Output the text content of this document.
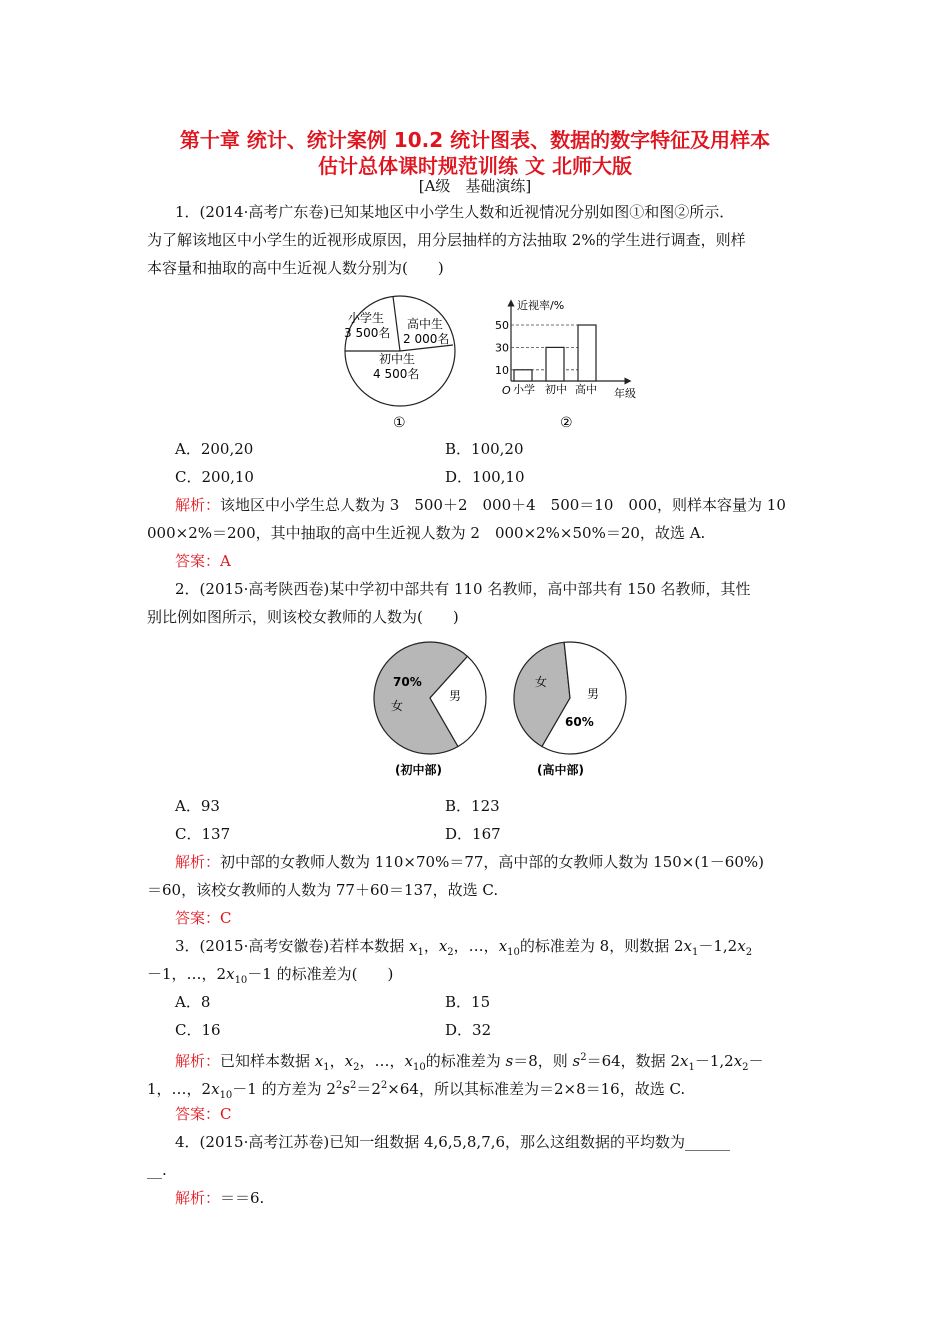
第十章 统计、统计案例 10.2 统计图表、数据的数字特征及用样本
估计总体课时规范训练 文 北师大版
[A级　基础演练]
1．(2014·高考广东卷)已知某地区中小学生人数和近视情况分别如图①和图②所示．
为了解该地区中小学生的近视形成原因，用分层抽样的方法抽取 2%的学生进行调查，则样
本容量和抽取的高中生近视人数分别为(　　)
小学生
3 500名
高中生
2 000名
初中生
4 500名
①
近视率/%
O
10
30
50
小学 初中 高中 年级
②
A．200,20	B．100,20
C．200,10	D．100,10
解析：该地区中小学生总人数为 3　500＋2　000＋4　500＝10　000，则样本容量为 10
000×2%＝200，其中抽取的高中生近视人数为 2　000×2%×50%＝20，故选 A.
答案：A
2．(2015·高考陕西卷)某中学初中部共有 110 名教师，高中部共有 150 名教师，其性
别比例如图所示，则该校女教师的人数为(　　)
70%
女
男
(初中部)
女
男
60%
(高中部)
A．93	B．123
C．137	D．167
解析：初中部的女教师人数为 110×70%＝77，高中部的女教师人数为 150×(1－60%)
＝60，该校女教师的人数为 77＋60＝137，故选 C.
答案：C
3．(2015·高考安徽卷)若样本数据 $x_1$，$x_2$，…，$x_{10}$的标准差为 8，则数据 $2x_1-1,2x_2$
－1，…，$2x_{10}-1$ 的标准差为(　　)
A．8	B．15
C．16	D．32
解析：已知样本数据 $x_1$，$x_2$，…，$x_{10}$的标准差为 s＝8，则 $s^2=64$，数据 $2x_1-1,2x_2-$
1，…，$2x_{10}-1$ 的方差为 $2^2s^2=2^2\times 64$，所以其标准差为＝2×8＝16，故选 C.
答案：C
4．(2015·高考江苏卷)已知一组数据 4,6,5,8,7,6，那么这组数据的平均数为______
__.
解析：＝＝6.
